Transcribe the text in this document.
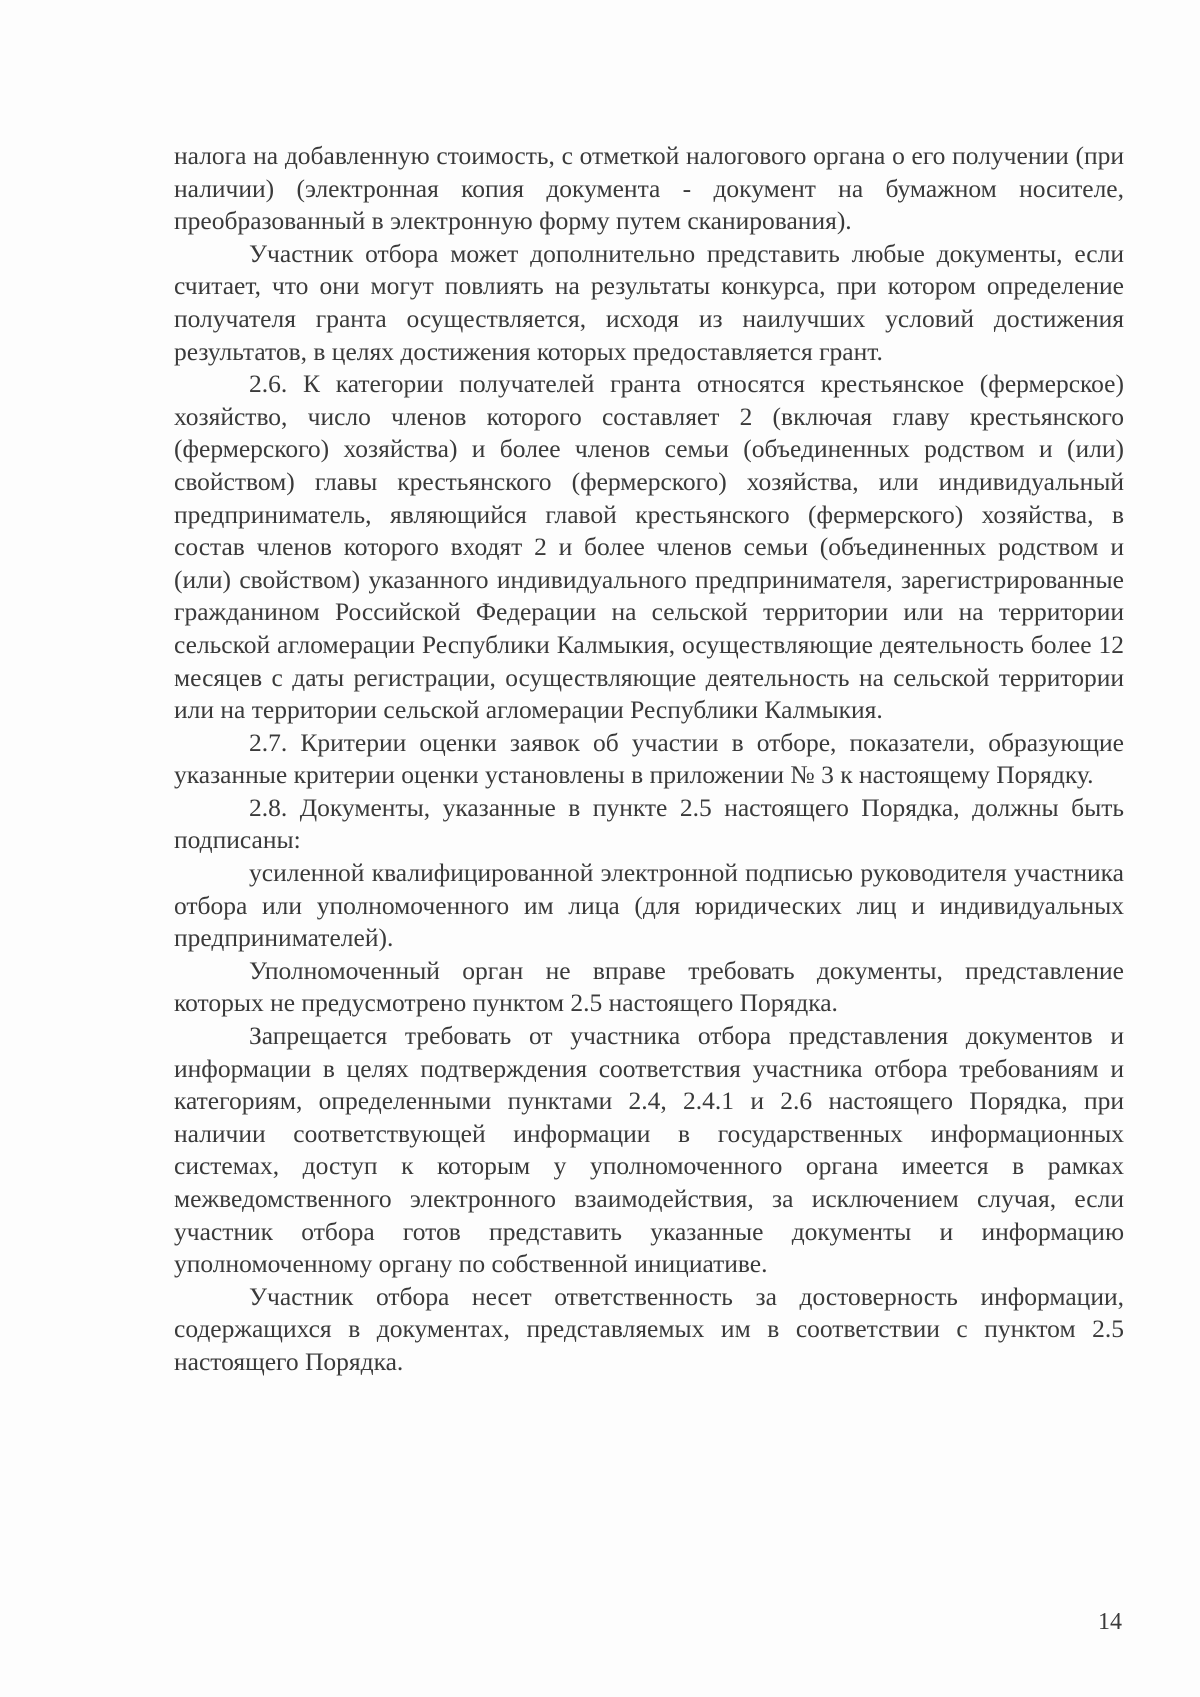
налога на добавленную стоимость, с отметкой налогового органа о его получении (при наличии) (электронная копия документа - документ на бумажном носителе, преобразованный в электронную форму путем сканирования).

Участник отбора может дополнительно представить любые документы, если считает, что они могут повлиять на результаты конкурса, при котором определение получателя гранта осуществляется, исходя из наилучших условий достижения результатов, в целях достижения которых предоставляется грант.

2.6. К категории получателей гранта относятся крестьянское (фермерское) хозяйство, число членов которого составляет 2 (включая главу крестьянского (фермерского) хозяйства) и более членов семьи (объединенных родством и (или) свойством) главы крестьянского (фермерского) хозяйства, или индивидуальный предприниматель, являющийся главой крестьянского (фермерского) хозяйства, в состав членов которого входят 2 и более членов семьи (объединенных родством и (или) свойством) указанного индивидуального предпринимателя, зарегистрированные гражданином Российской Федерации на сельской территории или на территории сельской агломерации Республики Калмыкия, осуществляющие деятельность более 12 месяцев с даты регистрации, осуществляющие деятельность на сельской территории или на территории сельской агломерации Республики Калмыкия.

2.7. Критерии оценки заявок об участии в отборе, показатели, образующие указанные критерии оценки установлены в приложении № 3 к настоящему Порядку.

2.8. Документы, указанные в пункте 2.5 настоящего Порядка, должны быть подписаны:

усиленной квалифицированной электронной подписью руководителя участника отбора или уполномоченного им лица (для юридических лиц и индивидуальных предпринимателей).

Уполномоченный орган не вправе требовать документы, представление которых не предусмотрено пунктом 2.5 настоящего Порядка.

Запрещается требовать от участника отбора представления документов и информации в целях подтверждения соответствия участника отбора требованиям и категориям, определенными пунктами 2.4, 2.4.1 и 2.6 настоящего Порядка, при наличии соответствующей информации в государственных информационных системах, доступ к которым у уполномоченного органа имеется в рамках межведомственного электронного взаимодействия, за исключением случая, если участник отбора готов представить указанные документы и информацию уполномоченному органу по собственной инициативе.

Участник отбора несет ответственность за достоверность информации, содержащихся в документах, представляемых им в соответствии с пунктом 2.5 настоящего Порядка.

14
